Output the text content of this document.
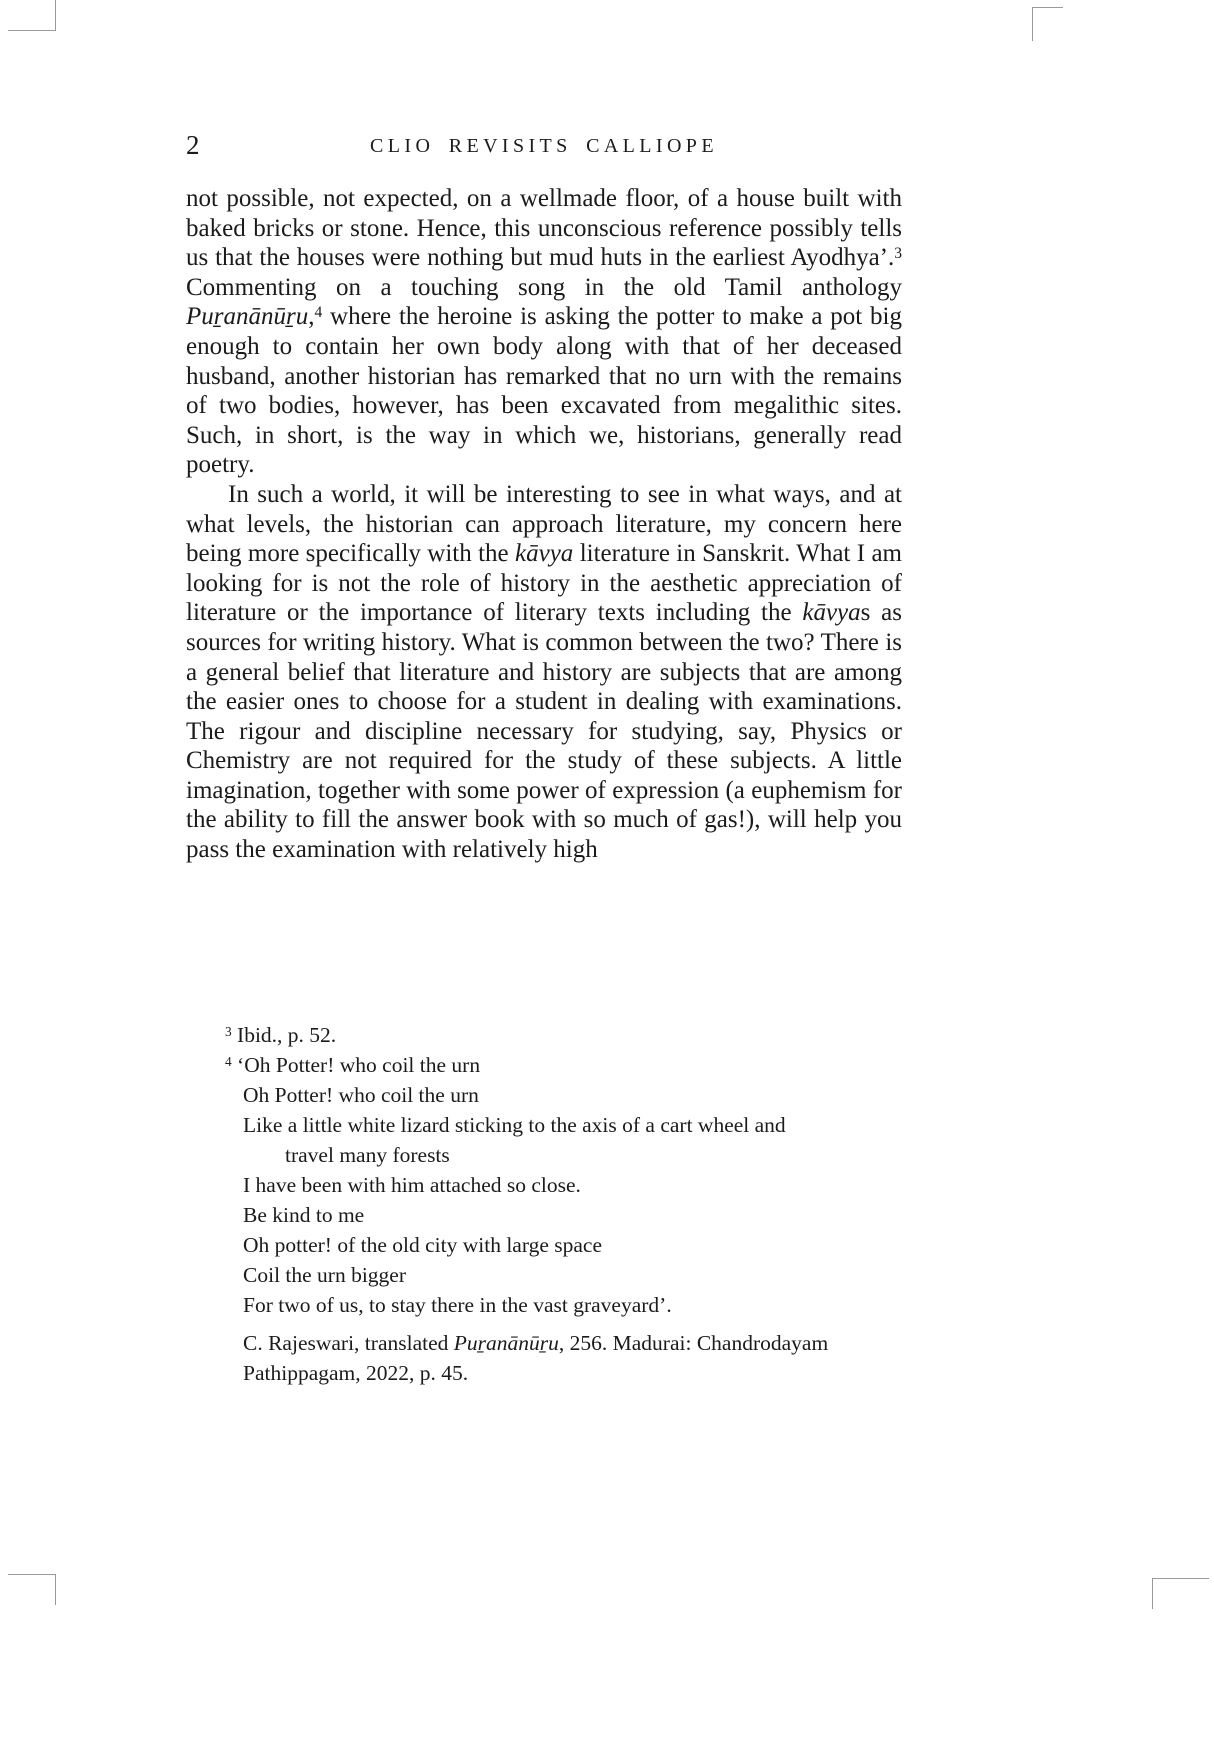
2	CLIO REVISITS CALLIOPE

not possible, not expected, on a wellmade floor, of a house built with baked bricks or stone. Hence, this unconscious reference possibly tells us that the houses were nothing but mud huts in the earliest Ayodhya’.$^3$ Commenting on a touching song in the old Tamil anthology Puṟanānūṟu,$^4$ where the heroine is asking the potter to make a pot big enough to contain her own body along with that of her deceased husband, another historian has remarked that no urn with the remains of two bodies, however, has been excavated from megalithic sites. Such, in short, is the way in which we, historians, generally read poetry.

In such a world, it will be interesting to see in what ways, and at what levels, the historian can approach literature, my concern here being more specifically with the kāvya literature in Sanskrit. What I am looking for is not the role of history in the aesthetic appreciation of literature or the importance of literary texts including the kāvyas as sources for writing history. What is common between the two? There is a general belief that literature and history are subjects that are among the easier ones to choose for a student in dealing with examinations. The rigour and discipline necessary for studying, say, Physics or Chemistry are not required for the study of these subjects. A little imagination, together with some power of expression (a euphemism for the ability to fill the answer book with so much of gas!), will help you pass the examination with relatively high

$^3$ Ibid., p. 52.
$^4$ ‘Oh Potter! who coil the urn
Oh Potter! who coil the urn
Like a little white lizard sticking to the axis of a cart wheel and
travel many forests
I have been with him attached so close.
Be kind to me
Oh potter! of the old city with large space
Coil the urn bigger
For two of us, to stay there in the vast graveyard’.
C. Rajeswari, translated Puṟanānūṟu, 256. Madurai: Chandrodayam Pathippagam, 2022, p. 45.
